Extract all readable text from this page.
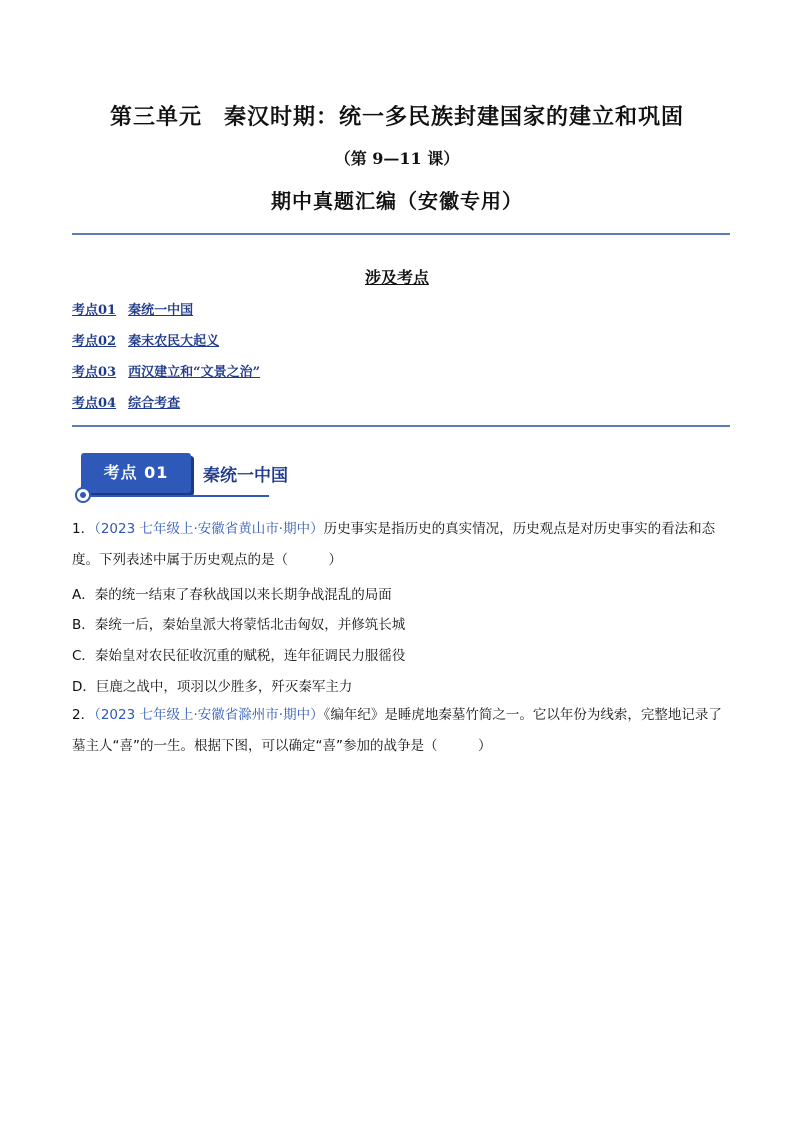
第三单元 秦汉时期：统一多民族封建国家的建立和巩固
（第 9—11 课）
期中真题汇编（安徽专用）
涉及考点
考点01 秦统一中国
考点02 秦末农民大起义
考点03 西汉建立和“文景之治”
考点04 综合考查
考点 01	秦统一中国
1．（2023 七年级上·安徽省黄山市·期中）历史事实是指历史的真实情况，历史观点是对历史事实的看法和态度。下列表述中属于历史观点的是（　　　）
A．秦的统一结束了春秋战国以来长期争战混乱的局面
B．秦统一后，秦始皇派大将蒙恬北击匈奴，并修筑长城
C．秦始皇对农民征收沉重的赋税，连年征调民力服徭役
D．巨鹿之战中，项羽以少胜多，歼灭秦军主力
2．（2023 七年级上·安徽省滁州市·期中）《编年纪》是睡虎地秦墓竹简之一。它以年份为线索，完整地记录了墓主人“喜”的一生。根据下图，可以确定“喜”参加的战争是（　　　）
